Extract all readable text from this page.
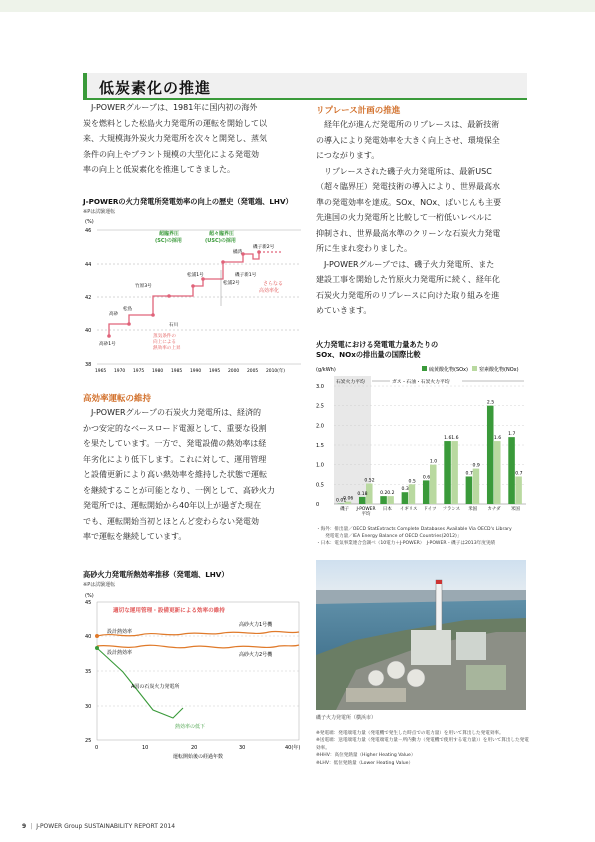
低炭素化の推進
J-POWERグループは、1981年に国内初の海外
炭を燃料とした松島火力発電所の運転を開始して以
来、大規模海外炭火力発電所を次々と開発し、蒸気
条件の向上やプラント規模の大型化による発電効
率の向上と低炭素化を推進してきました。
J-POWERの火力発電所発電効率の向上の歴史（発電端、LHV）
※Pは試験運転
(%)
46
44
42
40
38
高砂1号
高砂
松島
竹原3号
石川
松浦1号
松浦2号
橘湾
磯子新1号
磯子新2号
超臨界圧 (SC)の採用
超々臨界圧 (USC)の採用
さらなる 高効率化
蒸気条件の 向上による 熱効率の上昇
1965 1970 1975 1980 1985 1990 1995 2000 2005 2010(年)
高効率運転の維持
J-POWERグループの石炭火力発電所は、経済的
かつ安定的なベースロード電源として、重要な役割
を果たしています。一方で、発電設備の熱効率は経
年劣化により低下します。これに対して、運用管理
と設備更新により高い熱効率を維持した状態で運転
を継続することが可能となり、一例として、高砂火力
発電所では、運転開始から40年以上が過ぎた現在
でも、運転開始当初とほとんど変わらない発電効
率で運転を継続しています。
高砂火力発電所熱効率推移（発電端、LHV）
※Pは試験運転
(%)
45
40
35
30
25
適切な運用管理・設備更新による効率の維持
設計熱効率
設計熱効率
高砂火力1号機
高砂火力2号機
A国の石炭火力発電所
熱効率の低下
0	10	20	30	40(年)
運転開始後の経過年数
リプレース計画の推進
経年化が進んだ発電所のリプレースは、最新技術
の導入により発電効率を大きく向上させ、環境保全
につながります。
リプレースされた磯子火力発電所は、最新USC
（超々臨界圧）発電技術の導入により、世界最高水
準の発電効率を達成。SOx、NOx、ばいじんも主要
先進国の火力発電所と比較して一桁低いレベルに
抑制され、世界最高水準のクリーンな石炭火力発電
所に生まれ変わりました。
J-POWERグループでは、磯子火力発電所、また
建設工事を開始した竹原火力発電所に続く、経年化
石炭火力発電所のリプレースに向けた取り組みを進
めていきます。
火力発電における発電電力量あたりの
SOx、NOxの排出量の国際比較
(g/kWh)	硫黄酸化物(SOx) 窒素酸化物(NOx)
3.0
2.5
2.0
1.5
1.0
0.5
0
石炭火力平均	ガス・石油・石炭火力平均
0.01
0.06
0.18
0.52
0.2 0.2
0.3
0.5
0.6
1.0
1.6 1.6
0.7
0.9
2.5
1.6
1.7
0.7
磯子 J-POWER
平均
日本 イギリス ドイツ フランス 米国 カナダ 米国
・海外：排出量／OECD StatExtracts Complete Databases Available Via OECD's Library
　　発電電力量／IEA Energy Balance of OECD Countries(2012)」
・日本：電気事業連合会調べ（10電力＋J-POWER）　J-POWER・磯子は2013年度実績
磯子火力発電所（横浜市）
※発電端：発電端電力量（発電機で発生した時点での電力量）を用いて算出した発電効率。
※送電端：送電端電力量（発電端電力量－所内動力（発電機で使用する電力量））を用いて算出した発電効率。
※HHV：高位発熱量（Higher Heating Value）
※LHV：低位発熱量（Lower Heating Value）
9 | J-POWER Group SUSTAINABILITY REPORT 2014
